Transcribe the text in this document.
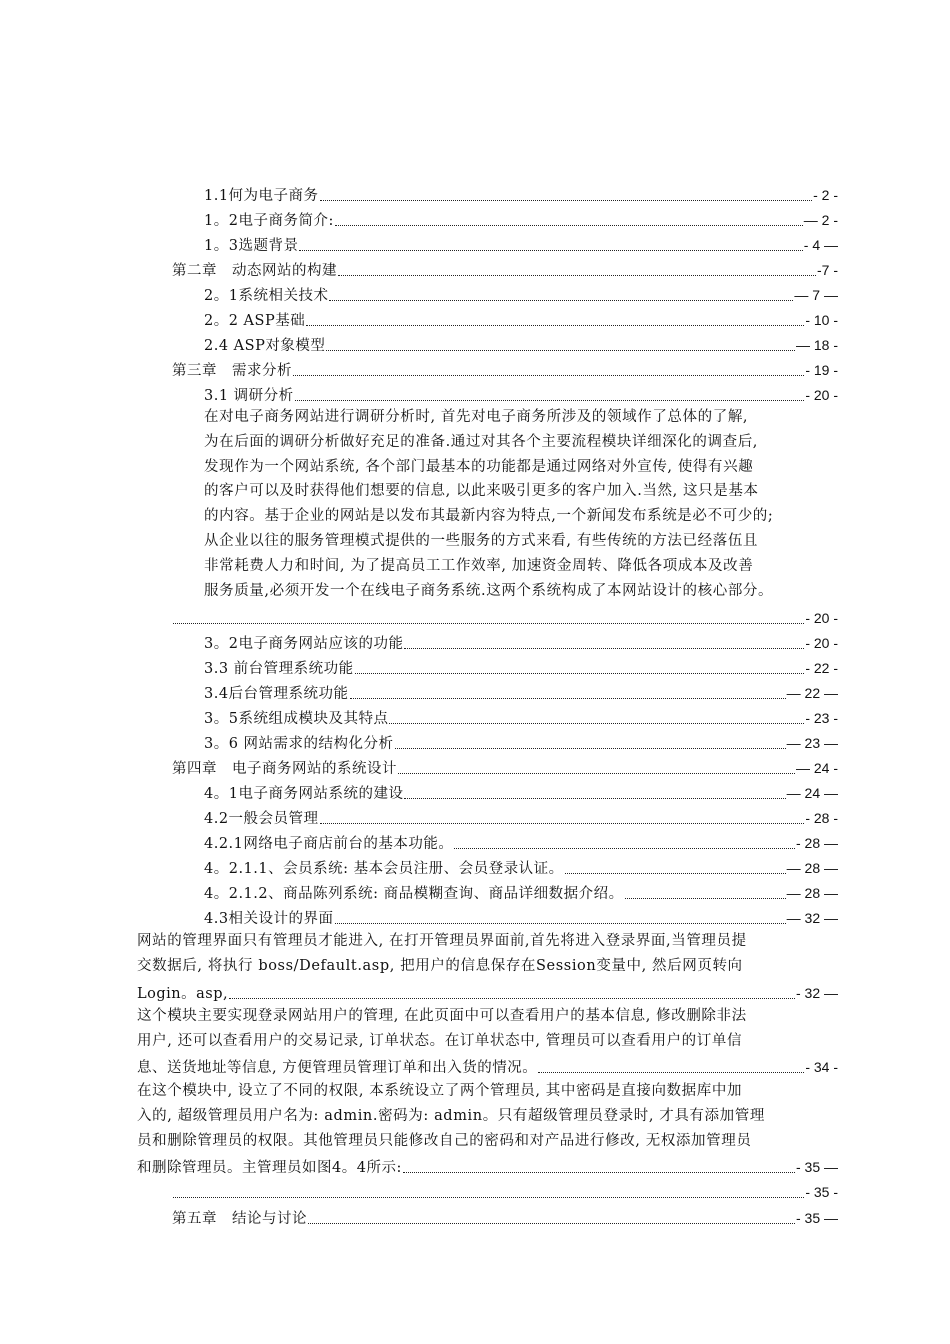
1.1何为电子商务	- 2 -
1。2电子商务简介:	— 2 -
1。3选题背景	- 4 —
第二章　动态网站的构建	-7 -
2。1系统相关技术	— 7 —
2。2 ASP基础	- 10 -
2.4 ASP对象模型	— 18 -
第三章　需求分析	- 19 -
3.1 调研分析	- 20 -
在对电子商务网站进行调研分析时, 首先对电子商务所涉及的领域作了总体的了解,
为在后面的调研分析做好充足的准备.通过对其各个主要流程模块详细深化的调查后,
发现作为一个网站系统, 各个部门最基本的功能都是通过网络对外宣传, 使得有兴趣
的客户可以及时获得他们想要的信息, 以此来吸引更多的客户加入.当然, 这只是基本
的内容。基于企业的网站是以发布其最新内容为特点,一个新闻发布系统是必不可少的;
从企业以往的服务管理模式提供的一些服务的方式来看, 有些传统的方法已经落伍且
非常耗费人力和时间, 为了提高员工工作效率, 加速资金周转、降低各项成本及改善
服务质量,必须开发一个在线电子商务系统.这两个系统构成了本网站设计的核心部分。
- 20 -
3。2电子商务网站应该的功能	- 20 -
3.3 前台管理系统功能	- 22 -
3.4后台管理系统功能	— 22 —
3。5系统组成模块及其特点	- 23 -
3。6 网站需求的结构化分析	— 23 —
第四章　电子商务网站的系统设计	— 24 -
4。1电子商务网站系统的建设	— 24 —
4.2一般会员管理	- 28 -
4.2.1网络电子商店前台的基本功能。	- 28 —
4。2.1.1、会员系统: 基本会员注册、会员登录认证。	— 28 —
4。2.1.2、商品陈列系统: 商品模糊查询、商品详细数据介绍。	— 28 —
4.3相关设计的界面	— 32 —
网站的管理界面只有管理员才能进入, 在打开管理员界面前,首先将进入登录界面,当管理员提
交数据后, 将执行 boss/Default.asp, 把用户的信息保存在Session变量中, 然后网页转向
Login。asp,	- 32 —
这个模块主要实现登录网站用户的管理, 在此页面中可以查看用户的基本信息, 修改删除非法
用户, 还可以查看用户的交易记录, 订单状态。在订单状态中, 管理员可以查看用户的订单信
息、送货地址等信息, 方便管理员管理订单和出入货的情况。	- 34 -
在这个模块中, 设立了不同的权限, 本系统设立了两个管理员, 其中密码是直接向数据库中加
入的, 超级管理员用户名为: admin.密码为: admin。只有超级管理员登录时, 才具有添加管理
员和删除管理员的权限。其他管理员只能修改自己的密码和对产品进行修改, 无权添加管理员
和删除管理员。主管理员如图4。4所示:	- 35 —
- 35 -
第五章　结论与讨论	- 35 —
